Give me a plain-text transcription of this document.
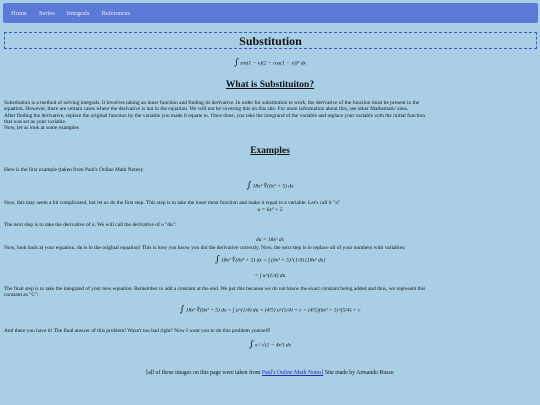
Home Series Integrals References
Substitution
∫ sin(1 − x)(2 − cos(1 − x))⁴ dx
What is Substituiton?
Substitution is a method of solving integrals. It involves taking an inner function and finding its derivative. In order for substitution to work, the derivative of the function must be present in the
equation. However, there are certain cases where the derivative is not in the equation. We will not be covering this on this site. For more information about this, see other Mathematic sites.
After finding the derivative, replace the original function by the variable you made it equate to. Once done, you take the integrand of the variable and replace your variable with the initial function
that was set as your variable.
Now, let us look at some examples
Examples
Here is the first example (taken from Paul's Online Math Notes):
∫ 18x² ∜(6x³ + 5) dx
Now, this may seem a bit complicated, but let us do the first step. This step is to take the inner most function and make it equal to a variable. Let's call it "u"
u = 6x³ + 5
The next step is to take the derivative of u. We will call the derivative of u "du":
du = 18x² dx
Now, look back at your equation. du is in the original equation! This is how you know you did the derivative correctly. Now, the next step is to replace all of your numbers with variables:
∫ 18x² ∜(6x³ + 5) dx = ∫ (6x³ + 5)^(1/4) (18x² dx)
= ∫ u^(1/4) du
The final step is to take the integrand of your new equation. Remember to add a constant at the end. We put this because we do not know the exact constant being added and thus, we represent this
constant as "C":
∫ 18x² ∜(6x³ + 5) dx = ∫ u^(1/4) du = (4/5) u^(5/4) + c = (4/5)(6x³ + 5)^(5/4) + c
And there you have it! The final answer of this problem! Wasn't too bad right? Now I want you to do this problem yourself!
∫ x / √(1 − 4x²) dx
[all of these images on this page were taken from Paul's Online Math Notes] Site made by Armando Russo
